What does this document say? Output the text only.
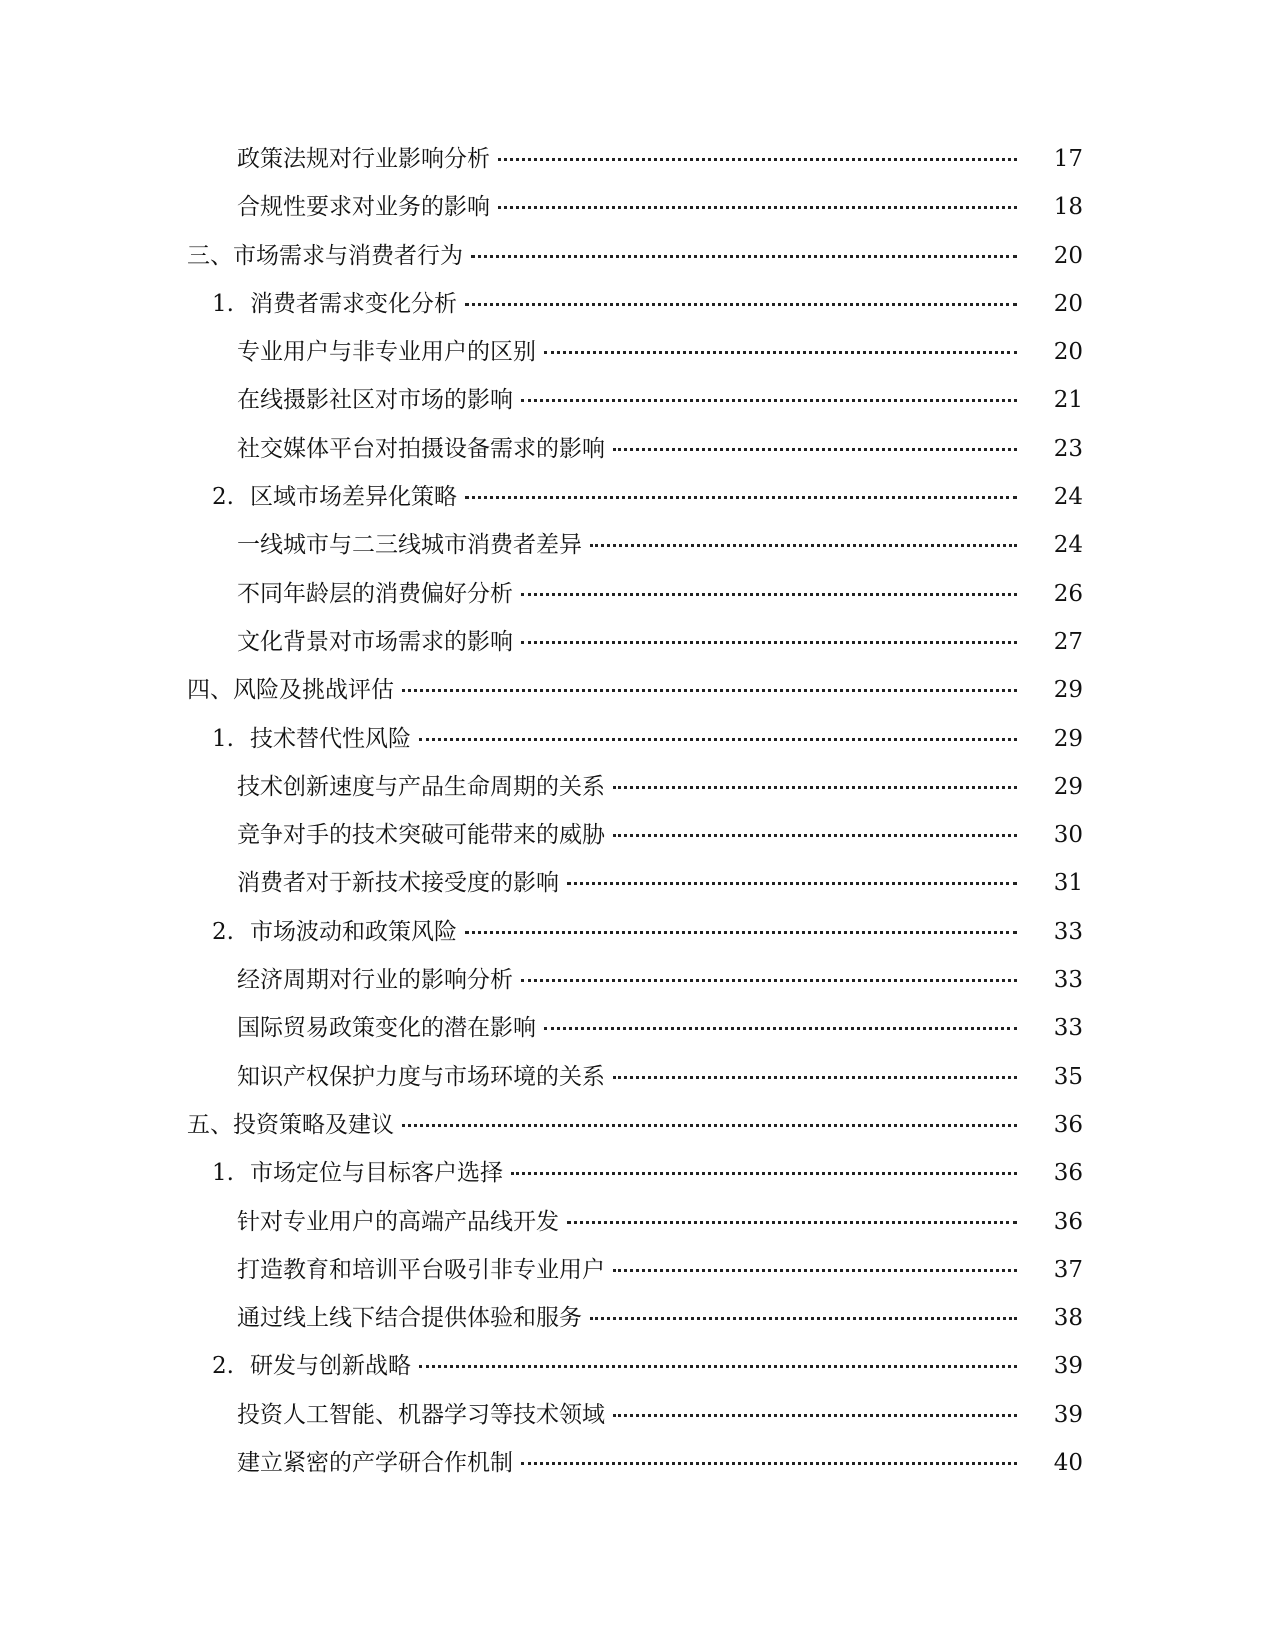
政策法规对行业影响分析	17
合规性要求对业务的影响	18
三、市场需求与消费者行为	20
1. 消费者需求变化分析	20
专业用户与非专业用户的区别	20
在线摄影社区对市场的影响	21
社交媒体平台对拍摄设备需求的影响	23
2. 区域市场差异化策略	24
一线城市与二三线城市消费者差异	24
不同年龄层的消费偏好分析	26
文化背景对市场需求的影响	27
四、风险及挑战评估	29
1. 技术替代性风险	29
技术创新速度与产品生命周期的关系	29
竞争对手的技术突破可能带来的威胁	30
消费者对于新技术接受度的影响	31
2. 市场波动和政策风险	33
经济周期对行业的影响分析	33
国际贸易政策变化的潜在影响	33
知识产权保护力度与市场环境的关系	35
五、投资策略及建议	36
1. 市场定位与目标客户选择	36
针对专业用户的高端产品线开发	36
打造教育和培训平台吸引非专业用户	37
通过线上线下结合提供体验和服务	38
2. 研发与创新战略	39
投资人工智能、机器学习等技术领域	39
建立紧密的产学研合作机制	40
